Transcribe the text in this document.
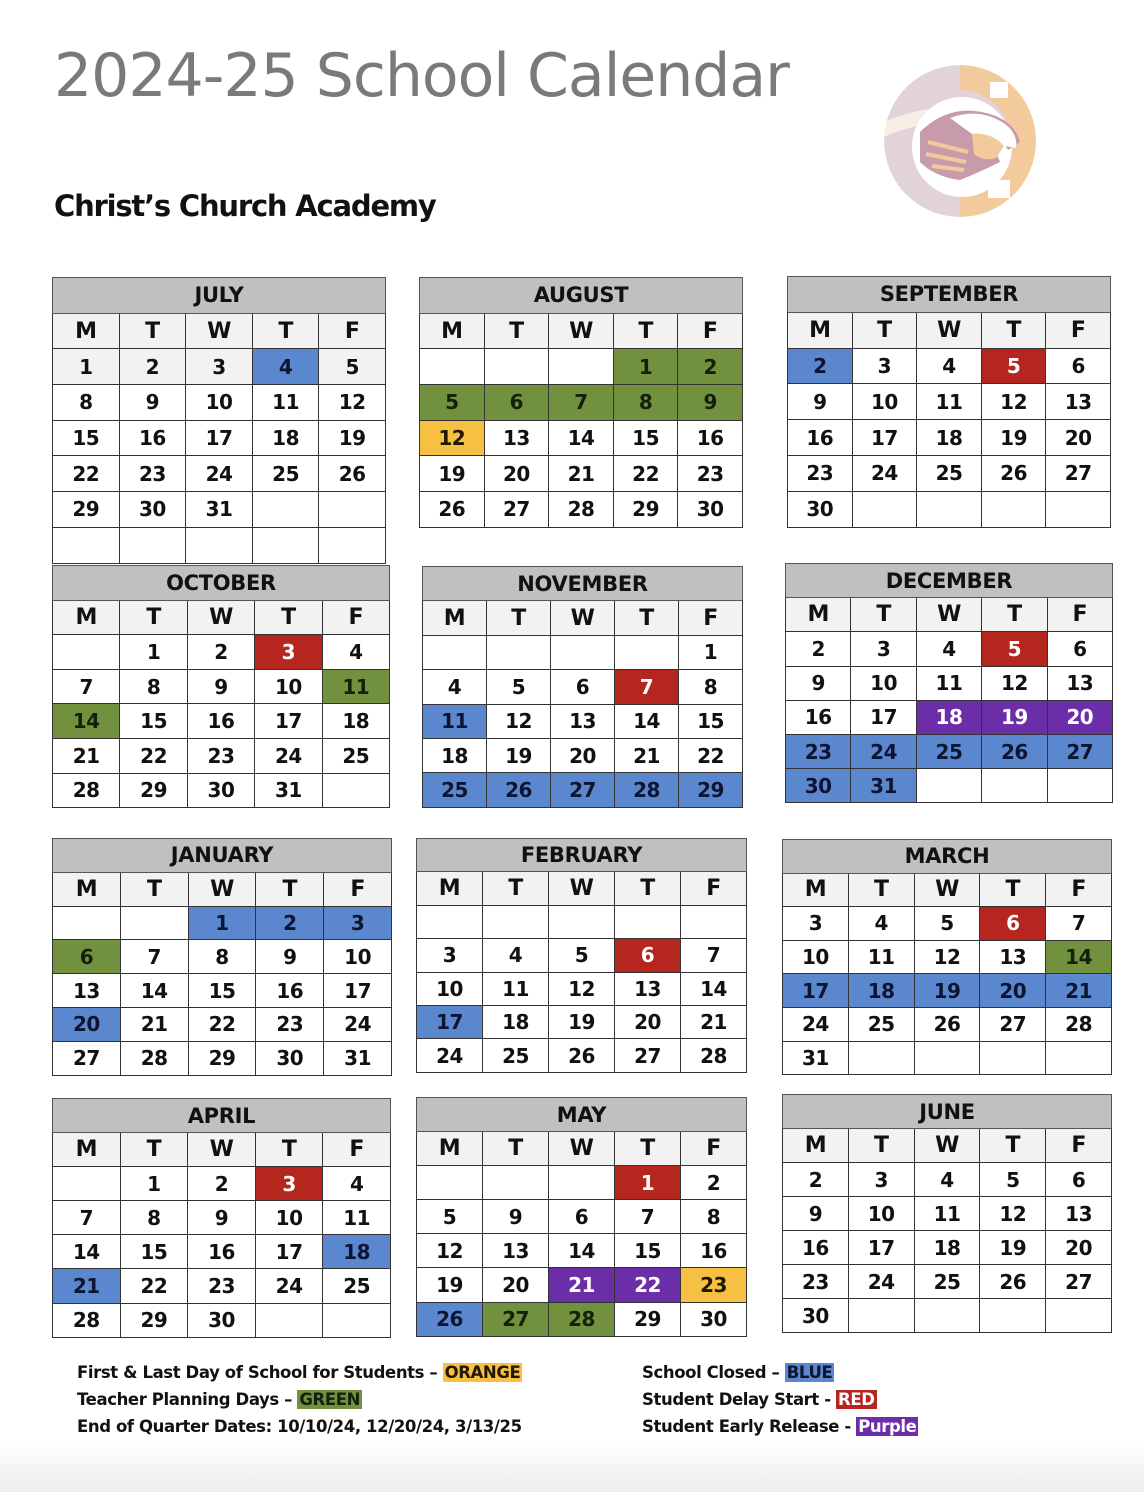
2024-25 School Calendar
Christ’s Church Academy
JULY				
M	T	W	T	F
1	2	3	4	5
8	9	10	11	12
15	16	17	18	19
22	23	24	25	26
29	30	31		

AUGUST				
M	T	W	T	F
			1	2
5	6	7	8	9
12	13	14	15	16
19	20	21	22	23
26	27	28	29	30
SEPTEMBER				
M	T	W	T	F
2	3	4	5	6
9	10	11	12	13
16	17	18	19	20
23	24	25	26	27
30				
OCTOBER				
M	T	W	T	F
	1	2	3	4
7	8	9	10	11
14	15	16	17	18
21	22	23	24	25
28	29	30	31	
NOVEMBER				
M	T	W	T	F
				1
4	5	6	7	8
11	12	13	14	15
18	19	20	21	22
25	26	27	28	29
DECEMBER				
M	T	W	T	F
2	3	4	5	6
9	10	11	12	13
16	17	18	19	20
23	24	25	26	27
30	31			
JANUARY				
M	T	W	T	F
		1	2	3
6	7	8	9	10
13	14	15	16	17
20	21	22	23	24
27	28	29	30	31
FEBRUARY				
M	T	W	T	F

3	4	5	6	7
10	11	12	13	14
17	18	19	20	21
24	25	26	27	28
MARCH				
M	T	W	T	F
3	4	5	6	7
10	11	12	13	14
17	18	19	20	21
24	25	26	27	28
31				
APRIL				
M	T	W	T	F
	1	2	3	4
7	8	9	10	11
14	15	16	17	18
21	22	23	24	25
28	29	30		
MAY				
M	T	W	T	F
			1	2
5	9	6	7	8
12	13	14	15	16
19	20	21	22	23
26	27	28	29	30
JUNE				
M	T	W	T	F
2	3	4	5	6
9	10	11	12	13
16	17	18	19	20
23	24	25	26	27
30				
First & Last Day of School for Students – ORANGE
Teacher Planning Days – GREEN
End of Quarter Dates: 10/10/24, 12/20/24, 3/13/25
School Closed – BLUE
Student Delay Start - RED
Student Early Release - Purple
